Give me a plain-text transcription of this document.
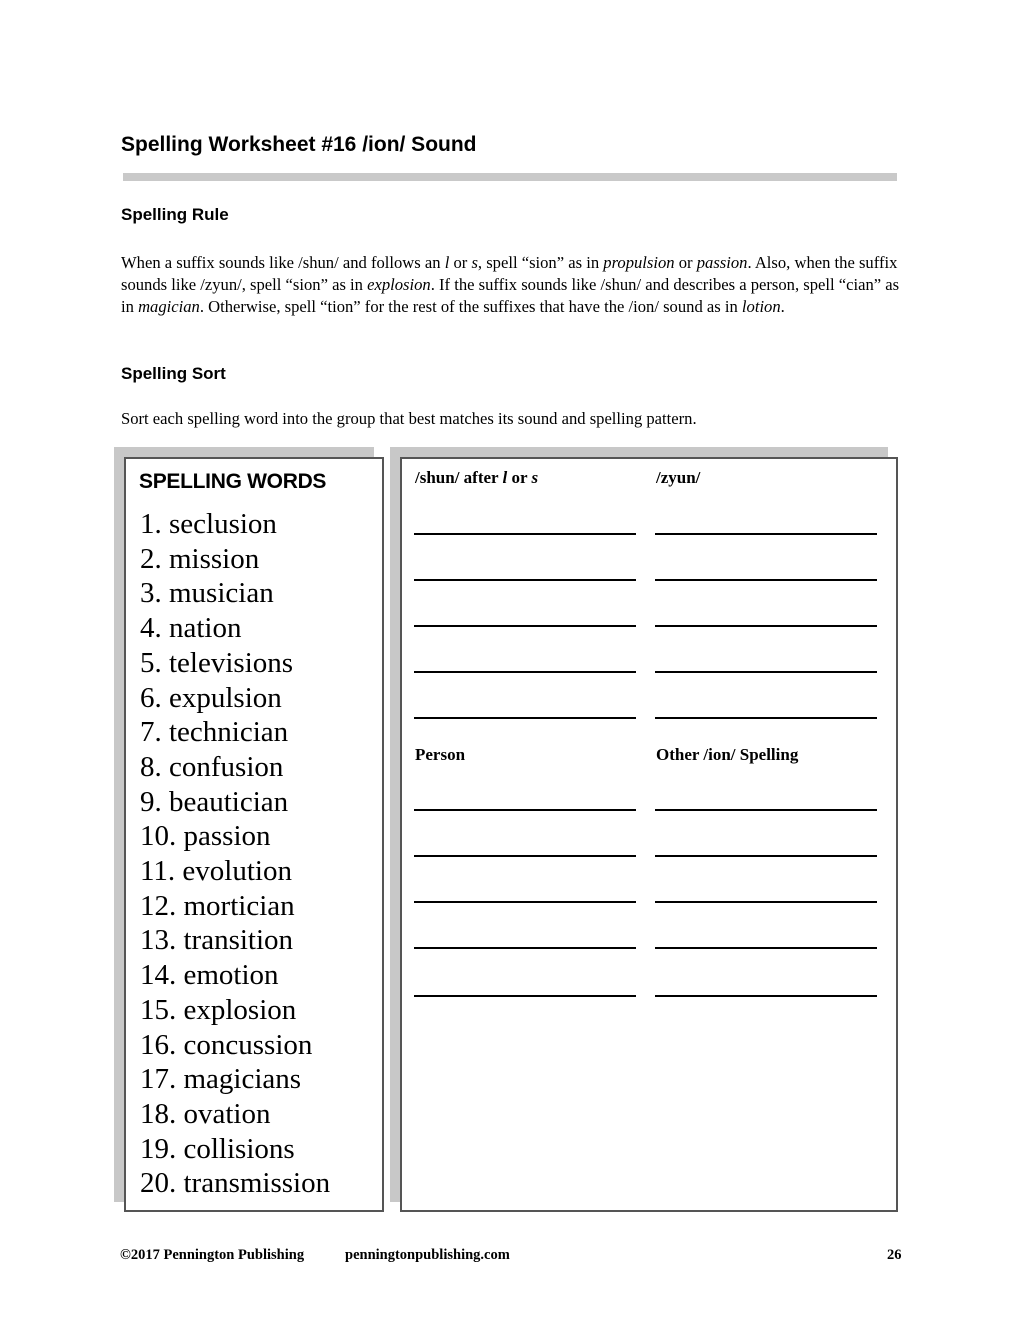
Spelling Worksheet #16 /ion/ Sound
Spelling Rule
When a suffix sounds like /shun/ and follows an l or s, spell “sion” as in propulsion or passion. Also, when the suffix sounds like /zyun/, spell “sion” as in explosion. If the suffix sounds like /shun/ and describes a person, spell “cian” as in magician. Otherwise, spell “tion” for the rest of the suffixes that have the /ion/ sound as in lotion.
Spelling Sort
Sort each spelling word into the group that best matches its sound and spelling pattern.
SPELLING WORDS
1. seclusion
2. mission
3. musician
4. nation
5. televisions
6. expulsion
7. technician
8. confusion
9. beautician
10. passion
11. evolution
12. mortician
13. transition
14. emotion
15. explosion
16. concussion
17. magicians
18. ovation
19. collisions
20. transmission
/shun/ after l or s	/zyun/
Person	Other /ion/ Spelling
©2017 Pennington Publishing	penningtonpublishing.com	26
